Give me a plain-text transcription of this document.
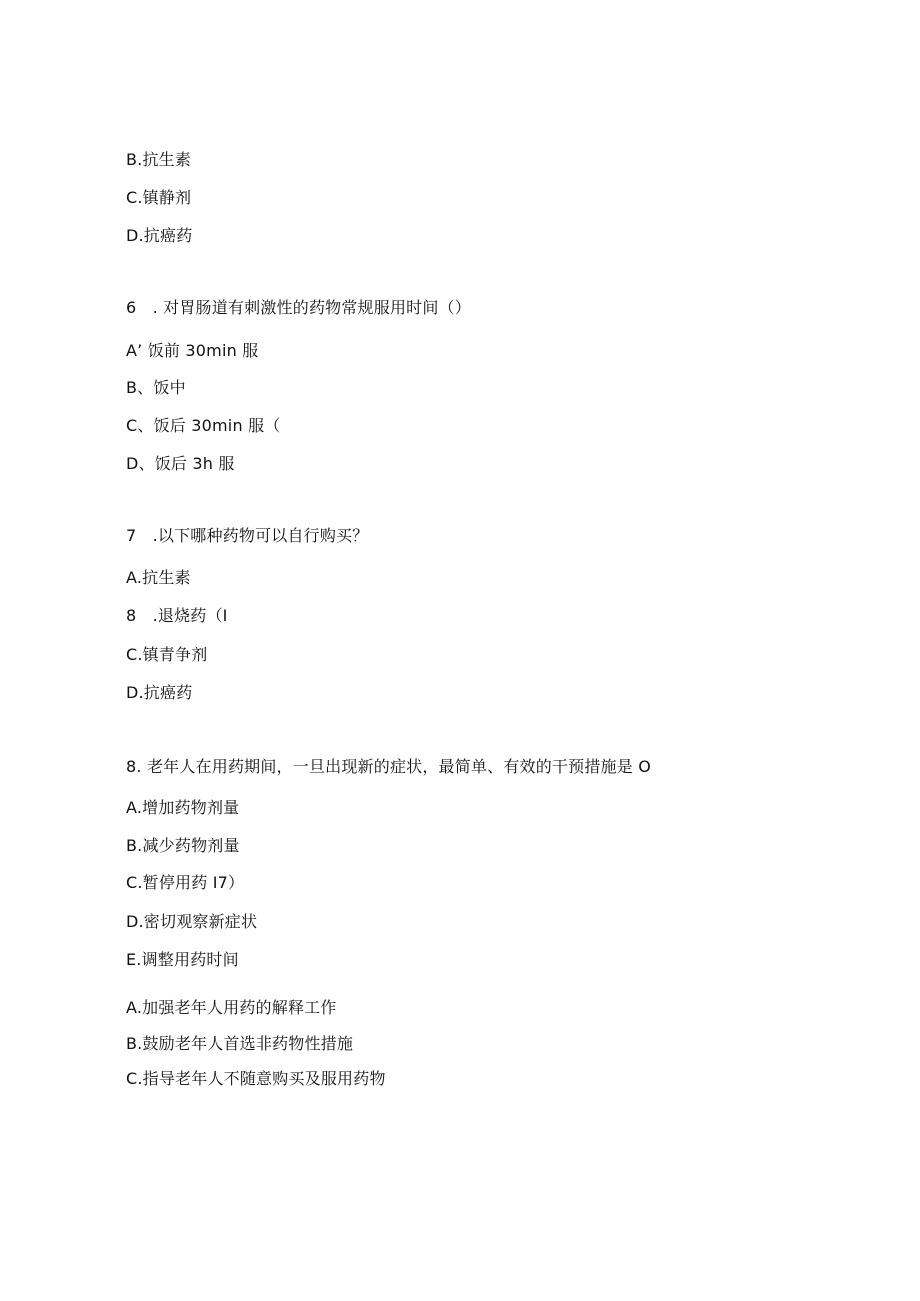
B.抗生素
C.镇静剂
D.抗癌药
6　. 对胃肠道有刺激性的药物常规服用时间（）
A’ 饭前 30min 服
B、饭中
C、饭后 30min 服（
D、饭后 3h 服
7　.以下哪种药物可以自行购买？
A.抗生素
8　.退烧药（I
C.镇青争剂
D.抗癌药
8. 老年人在用药期间，一旦出现新的症状，最简单、有效的干预措施是 O
A.增加药物剂量
B.减少药物剂量
C.暂停用药 I7）
D.密切观察新症状
E.调整用药时间
A.加强老年人用药的解释工作
B.鼓励老年人首选非药物性措施
C.指导老年人不随意购买及服用药物
